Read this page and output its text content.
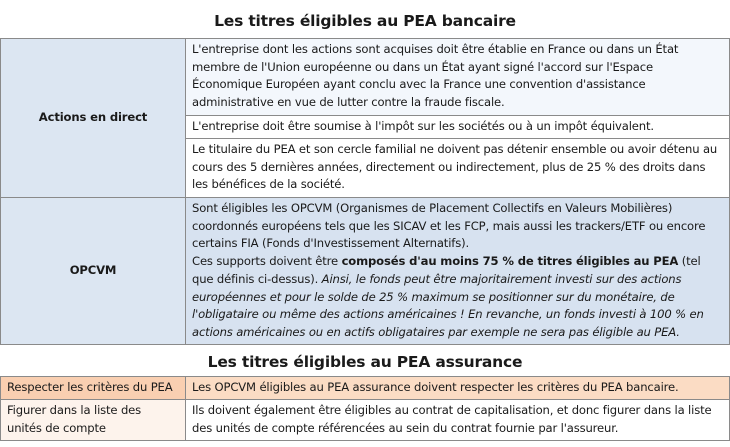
Les titres éligibles au PEA bancaire
Actions en direct	L'entreprise dont les actions sont acquises doit être établie en France ou dans un État membre de l'Union européenne ou dans un État ayant signé l'accord sur l'Espace Économique Européen ayant conclu avec la France une convention d'assistance administrative en vue de lutter contre la fraude fiscale.
	L'entreprise doit être soumise à l'impôt sur les sociétés ou à un impôt équivalent.
	Le titulaire du PEA et son cercle familial ne doivent pas détenir ensemble ou avoir détenu au cours des 5 dernières années, directement ou indirectement, plus de 25 % des droits dans les bénéfices de la société.
OPCVM	Sont éligibles les OPCVM (Organismes de Placement Collectifs en Valeurs Mobilières) coordonnés européens tels que les SICAV et les FCP, mais aussi les trackers/ETF ou encore certains FIA (Fonds d'Investissement Alternatifs).
Ces supports doivent être composés d'au moins 75 % de titres éligibles au PEA (tel que définis ci-dessus). Ainsi, le fonds peut être majoritairement investi sur des actions européennes et pour le solde de 25 % maximum se positionner sur du monétaire, de l'obligataire ou même des actions américaines ! En revanche, un fonds investi à 100 % en actions américaines ou en actifs obligataires par exemple ne sera pas éligible au PEA.
Les titres éligibles au PEA assurance
Respecter les critères du PEA	Les OPCVM éligibles au PEA assurance doivent respecter les critères du PEA bancaire.
Figurer dans la liste des unités de compte	Ils doivent également être éligibles au contrat de capitalisation, et donc figurer dans la liste des unités de compte référencées au sein du contrat fournie par l'assureur.
